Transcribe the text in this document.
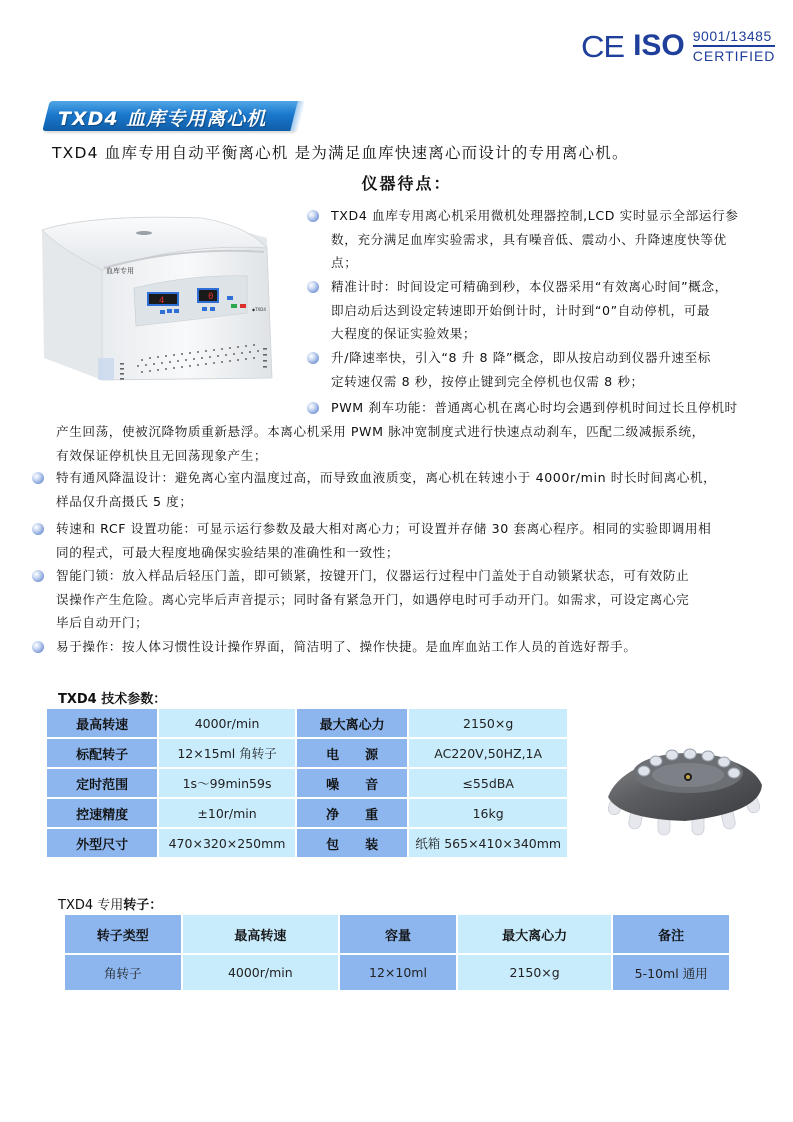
CE ISO 9001/13485
CERTIFIED
TXD4 血库专用离心机
TXD4 血库专用自动平衡离心机 是为满足血库快速离心而设计的专用离心机。
仪器待点：
血库专用
4	0
◆TXD4
TXD4 血库专用离心机采用微机处理器控制,LCD 实时显示全部运行参
数，充分满足血库实验需求，具有噪音低、震动小、升降速度快等优
点；
精准计时：时间设定可精确到秒，本仪器采用“有效离心时间”概念，
即启动后达到设定转速即开始倒计时，计时到“0”自动停机，可最
大程度的保证实验效果；
升/降速率快，引入“8 升 8 降”概念，即从按启动到仪器升速至标
定转速仅需 8 秒，按停止键到完全停机也仅需 8 秒；
PWM 刹车功能：普通离心机在离心时均会遇到停机时间过长且停机时
产生回荡，使被沉降物质重新悬浮。本离心机采用 PWM 脉冲宽制度式进行快速点动刹车，匹配二级减振系统，
有效保证停机快且无回荡现象产生；
特有通风降温设计：避免离心室内温度过高，而导致血液质变，离心机在转速小于 4000r/min 时长时间离心机，
样品仅升高摄氏 5 度；
转速和 RCF 设置功能：可显示运行参数及最大相对离心力；可设置并存储 30 套离心程序。相同的实验即调用相
同的程式，可最大程度地确保实验结果的准确性和一致性；
智能门锁：放入样品后轻压门盖，即可锁紧，按键开门，仪器运行过程中门盖处于自动锁紧状态，可有效防止
误操作产生危险。离心完毕后声音提示；同时备有紧急开门，如遇停电时可手动开门。如需求，可设定离心完
毕后自动开门；
易于操作：按人体习惯性设计操作界面，简洁明了、操作快捷。是血库血站工作人员的首选好帮手。
TXD4 技术参数：
最高转速	4000r/min	最大离心力	2150×g
标配转子	12×15ml 角转子	电　　源	AC220V,50HZ,1A
定时范围	1s～99min59s	噪　　音	≤55dBA
控速精度	±10r/min	净　　重	16kg
外型尺寸	470×320×250mm	包　　装	纸箱 565×410×340mm
TXD4 专用转子：
转子类型	最高转速	容量	最大离心力	备注
角转子	4000r/min	12×10ml	2150×g	5-10ml 通用
